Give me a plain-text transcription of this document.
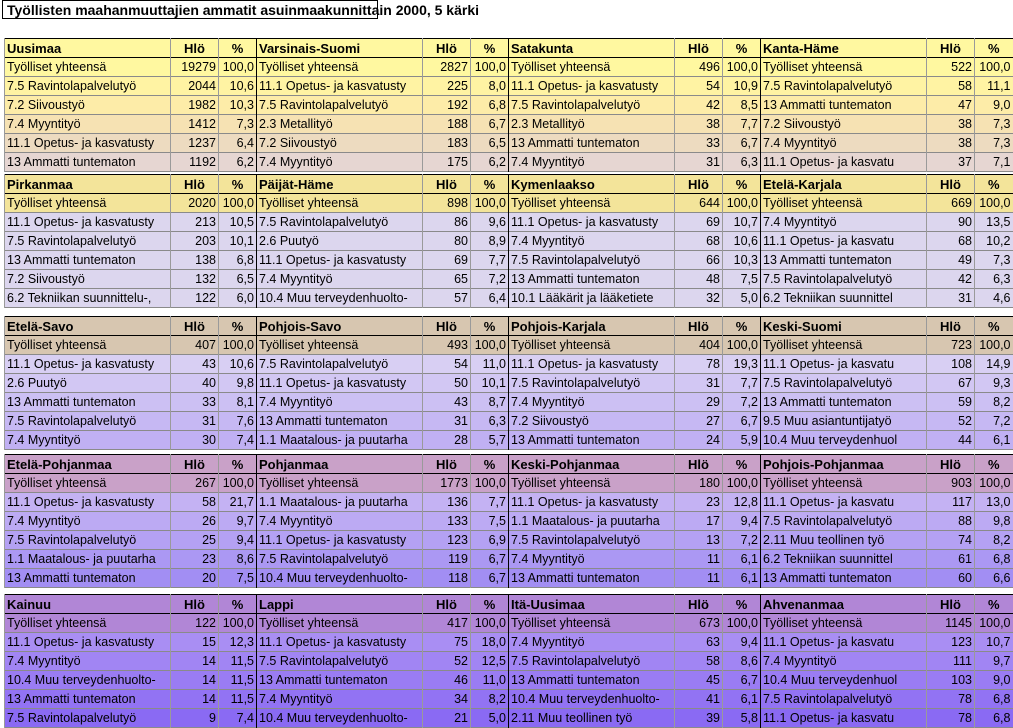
Työllisten maahanmuuttajien ammatit asuinmaakunnittain 2000, 5 kärki
Uusimaa	Hlö	%	Varsinais-Suomi	Hlö	%	Satakunta	Hlö	%	Kanta-Häme	Hlö	%
Työlliset yhteensä	19279	100,0	Työlliset yhteensä	2827	100,0	Työlliset yhteensä	496	100,0	Työlliset yhteensä	522	100,0
7.5 Ravintolapalvelutyö	2044	10,6	11.1 Opetus- ja kasvatusty	225	8,0	11.1 Opetus- ja kasvatusty	54	10,9	7.5 Ravintolapalvelutyö	58	11,1
7.2 Siivoustyö	1982	10,3	7.5 Ravintolapalvelutyö	192	6,8	7.5 Ravintolapalvelutyö	42	8,5	13 Ammatti tuntematon	47	9,0
7.4 Myyntityö	1412	7,3	2.3 Metallityö	188	6,7	2.3 Metallityö	38	7,7	7.2 Siivoustyö	38	7,3
11.1 Opetus- ja kasvatusty	1237	6,4	7.2 Siivoustyö	183	6,5	13 Ammatti tuntematon	33	6,7	7.4 Myyntityö	38	7,3
13 Ammatti tuntematon	1192	6,2	7.4 Myyntityö	175	6,2	7.4 Myyntityö	31	6,3	11.1 Opetus- ja kasvatu	37	7,1
Pirkanmaa	Hlö	%	Päijät-Häme	Hlö	%	Kymenlaakso	Hlö	%	Etelä-Karjala	Hlö	%
Työlliset yhteensä	2020	100,0	Työlliset yhteensä	898	100,0	Työlliset yhteensä	644	100,0	Työlliset yhteensä	669	100,0
11.1 Opetus- ja kasvatusty	213	10,5	7.5 Ravintolapalvelutyö	86	9,6	11.1 Opetus- ja kasvatusty	69	10,7	7.4 Myyntityö	90	13,5
7.5 Ravintolapalvelutyö	203	10,1	2.6 Puutyö	80	8,9	7.4 Myyntityö	68	10,6	11.1 Opetus- ja kasvatu	68	10,2
13 Ammatti tuntematon	138	6,8	11.1 Opetus- ja kasvatusty	69	7,7	7.5 Ravintolapalvelutyö	66	10,3	13 Ammatti tuntematon	49	7,3
7.2 Siivoustyö	132	6,5	7.4 Myyntityö	65	7,2	13 Ammatti tuntematon	48	7,5	7.5 Ravintolapalvelutyö	42	6,3
6.2 Tekniikan suunnittelu-,	122	6,0	10.4 Muu terveydenhuolto-	57	6,4	10.1 Lääkärit ja lääketiete	32	5,0	6.2 Tekniikan suunnittel	31	4,6
Etelä-Savo	Hlö	%	Pohjois-Savo	Hlö	%	Pohjois-Karjala	Hlö	%	Keski-Suomi	Hlö	%
Työlliset yhteensä	407	100,0	Työlliset yhteensä	493	100,0	Työlliset yhteensä	404	100,0	Työlliset yhteensä	723	100,0
11.1 Opetus- ja kasvatusty	43	10,6	7.5 Ravintolapalvelutyö	54	11,0	11.1 Opetus- ja kasvatusty	78	19,3	11.1 Opetus- ja kasvatu	108	14,9
2.6 Puutyö	40	9,8	11.1 Opetus- ja kasvatusty	50	10,1	7.5 Ravintolapalvelutyö	31	7,7	7.5 Ravintolapalvelutyö	67	9,3
13 Ammatti tuntematon	33	8,1	7.4 Myyntityö	43	8,7	7.4 Myyntityö	29	7,2	13 Ammatti tuntematon	59	8,2
7.5 Ravintolapalvelutyö	31	7,6	13 Ammatti tuntematon	31	6,3	7.2 Siivoustyö	27	6,7	9.5 Muu asiantuntijatyö	52	7,2
7.4 Myyntityö	30	7,4	1.1 Maatalous- ja puutarha	28	5,7	13 Ammatti tuntematon	24	5,9	10.4 Muu terveydenhuol	44	6,1
Etelä-Pohjanmaa	Hlö	%	Pohjanmaa	Hlö	%	Keski-Pohjanmaa	Hlö	%	Pohjois-Pohjanmaa	Hlö	%
Työlliset yhteensä	267	100,0	Työlliset yhteensä	1773	100,0	Työlliset yhteensä	180	100,0	Työlliset yhteensä	903	100,0
11.1 Opetus- ja kasvatusty	58	21,7	1.1 Maatalous- ja puutarha	136	7,7	11.1 Opetus- ja kasvatusty	23	12,8	11.1 Opetus- ja kasvatu	117	13,0
7.4 Myyntityö	26	9,7	7.4 Myyntityö	133	7,5	1.1 Maatalous- ja puutarha	17	9,4	7.5 Ravintolapalvelutyö	88	9,8
7.5 Ravintolapalvelutyö	25	9,4	11.1 Opetus- ja kasvatusty	123	6,9	7.5 Ravintolapalvelutyö	13	7,2	2.11 Muu teollinen työ	74	8,2
1.1 Maatalous- ja puutarha	23	8,6	7.5 Ravintolapalvelutyö	119	6,7	7.4 Myyntityö	11	6,1	6.2 Tekniikan suunnittel	61	6,8
13 Ammatti tuntematon	20	7,5	10.4 Muu terveydenhuolto-	118	6,7	13 Ammatti tuntematon	11	6,1	13 Ammatti tuntematon	60	6,6
Kainuu	Hlö	%	Lappi	Hlö	%	Itä-Uusimaa	Hlö	%	Ahvenanmaa	Hlö	%
Työlliset yhteensä	122	100,0	Työlliset yhteensä	417	100,0	Työlliset yhteensä	673	100,0	Työlliset yhteensä	1145	100,0
11.1 Opetus- ja kasvatusty	15	12,3	11.1 Opetus- ja kasvatusty	75	18,0	7.4 Myyntityö	63	9,4	11.1 Opetus- ja kasvatu	123	10,7
7.4 Myyntityö	14	11,5	7.5 Ravintolapalvelutyö	52	12,5	7.5 Ravintolapalvelutyö	58	8,6	7.4 Myyntityö	111	9,7
10.4 Muu terveydenhuolto-	14	11,5	13 Ammatti tuntematon	46	11,0	13 Ammatti tuntematon	45	6,7	10.4 Muu terveydenhuol	103	9,0
13 Ammatti tuntematon	14	11,5	7.4 Myyntityö	34	8,2	10.4 Muu terveydenhuolto-	41	6,1	7.5 Ravintolapalvelutyö	78	6,8
7.5 Ravintolapalvelutyö	9	7,4	10.4 Muu terveydenhuolto-	21	5,0	2.11 Muu teollinen työ	39	5,8	11.1 Opetus- ja kasvatu	78	6,8
